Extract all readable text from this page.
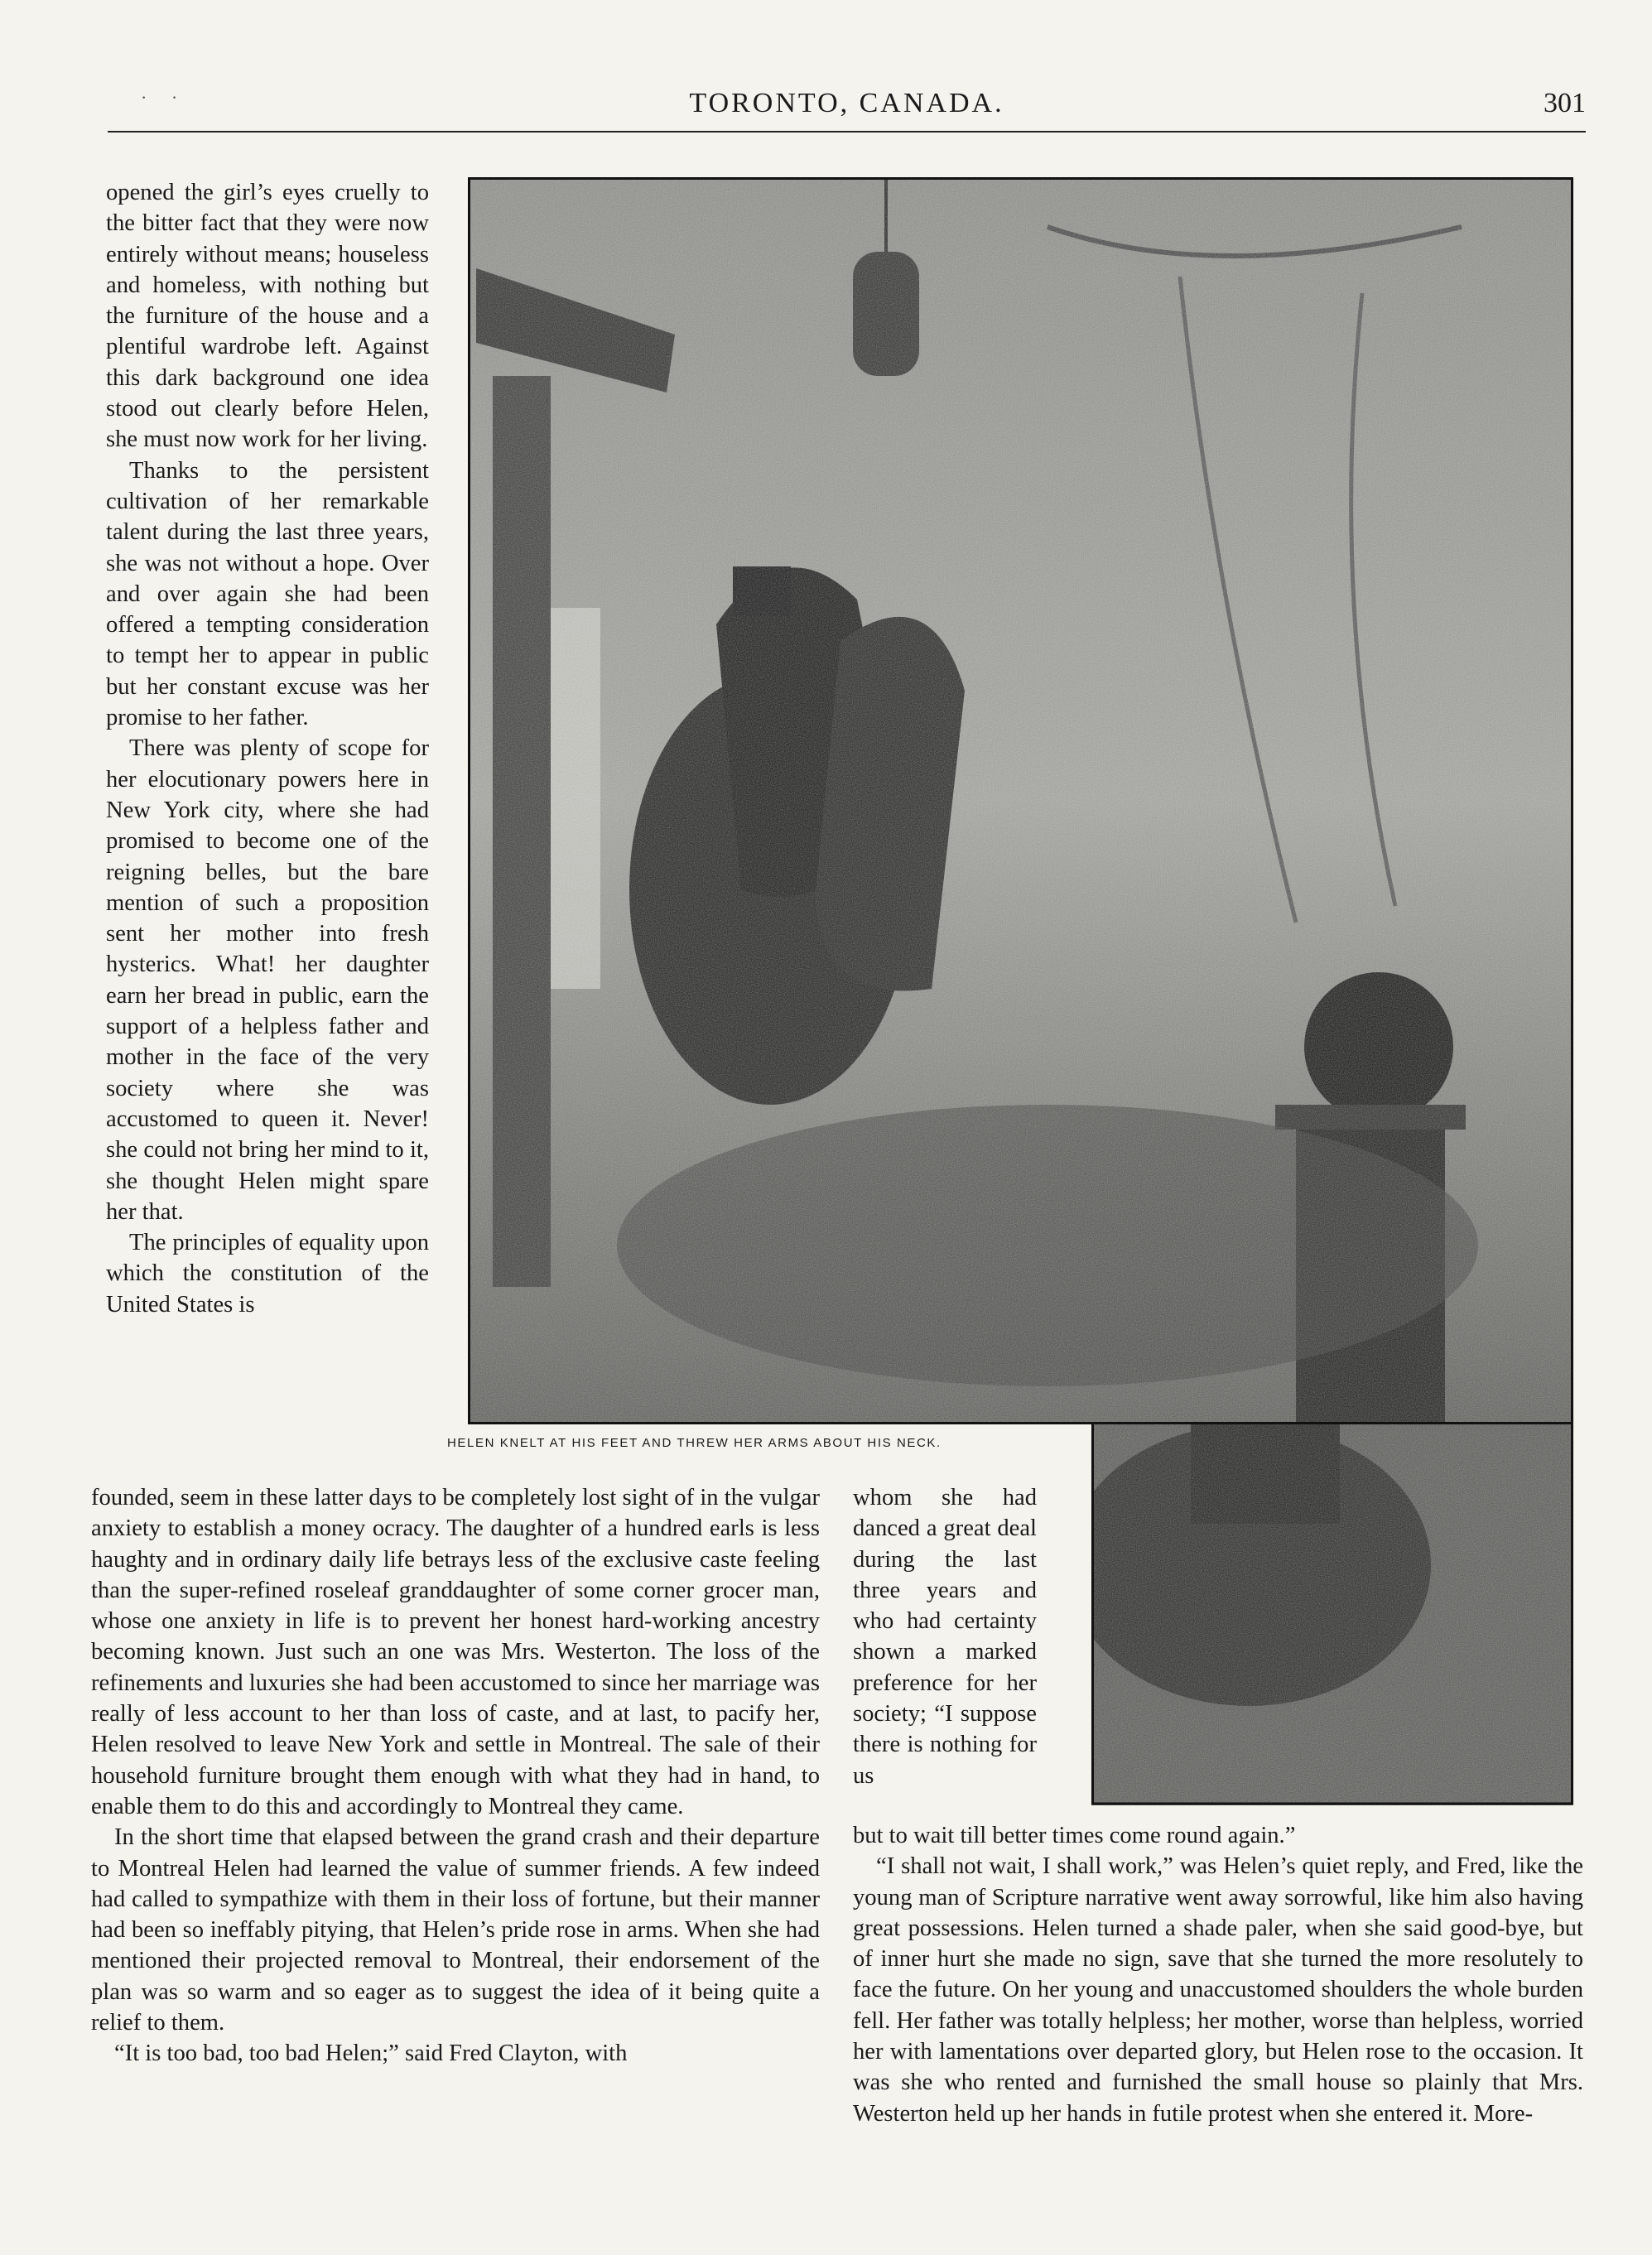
TORONTO, CANADA.	301
· ·

opened the girl’s eyes cruelly to the bitter fact that they were now entirely without means; houseless and homeless, with nothing but the furniture of the house and a plentiful wardrobe left. Against this dark background one idea stood out clearly before Helen, she must now work for her living.

Thanks to the persistent cultivation of her remarkable talent during the last three years, she was not without a hope. Over and over again she had been offered a tempting consideration to tempt her to appear in public but her constant excuse was her promise to her father.

There was plenty of scope for her elocutionary powers here in New York city, where she had promised to become one of the reigning belles, but the bare mention of such a proposition sent her mother into fresh hysterics. What! her daughter earn her bread in public, earn the support of a helpless father and mother in the face of the very society where she was accustomed to queen it. Never! she could not bring her mind to it, she thought Helen might spare her that.

The principles of equality upon which the constitution of the United States is

HELEN KNELT AT HIS FEET AND THREW HER ARMS ABOUT HIS NECK.

founded, seem in these latter days to be completely lost sight of in the vulgar anxiety to establish a money ocracy. The daughter of a hundred earls is less haughty and in ordinary daily life betrays less of the exclusive caste feeling than the super-refined roseleaf granddaughter of some corner grocer man, whose one anxiety in life is to prevent her honest hard-working ancestry becoming known. Just such an one was Mrs. Westerton. The loss of the refinements and luxuries she had been accustomed to since her marriage was really of less account to her than loss of caste, and at last, to pacify her, Helen resolved to leave New York and settle in Montreal. The sale of their household furniture brought them enough with what they had in hand, to enable them to do this and accordingly to Montreal they came.

In the short time that elapsed between the grand crash and their departure to Montreal Helen had learned the value of summer friends. A few indeed had called to sympathize with them in their loss of fortune, but their manner had been so ineffably pitying, that Helen’s pride rose in arms. When she had mentioned their projected removal to Montreal, their endorsement of the plan was so warm and so eager as to suggest the idea of it being quite a relief to them.

“It is too bad, too bad Helen;” said Fred Clayton, with

whom she had danced a great deal during the last three years and who had certainty shown a marked preference for her society; “I suppose there is nothing for us

but to wait till better times come round again.”

“I shall not wait, I shall work,” was Helen’s quiet reply, and Fred, like the young man of Scripture narrative went away sorrowful, like him also having great possessions. Helen turned a shade paler, when she said good-bye, but of inner hurt she made no sign, save that she turned the more resolutely to face the future. On her young and unaccustomed shoulders the whole burden fell. Her father was totally helpless; her mother, worse than helpless, worried her with lamentations over departed glory, but Helen rose to the occasion. It was she who rented and furnished the small house so plainly that Mrs. Westerton held up her hands in futile protest when she entered it. More-
